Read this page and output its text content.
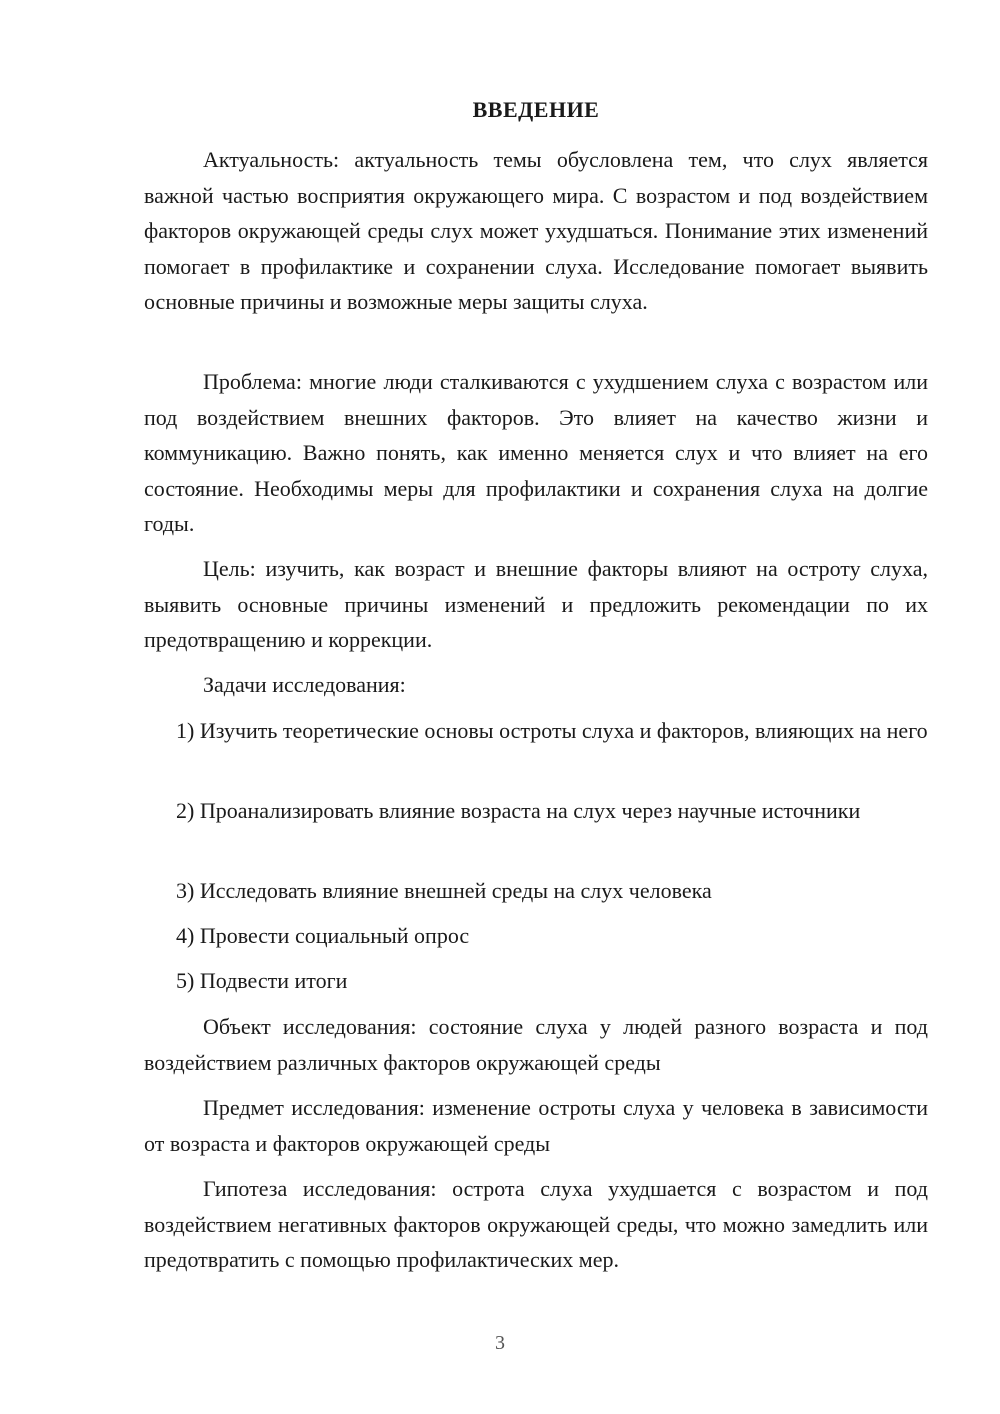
ВВЕДЕНИЕ

Актуальность: актуальность темы обусловлена тем, что слух является важной частью восприятия окружающего мира. С возрастом и под воздействием факторов окружающей среды слух может ухудшаться. Понимание этих изменений помогает в профилактике и сохранении слуха. Исследование помогает выявить основные причины и возможные меры защиты слуха.

Проблема: многие люди сталкиваются с ухудшением слуха с возрастом или под воздействием внешних факторов. Это влияет на качество жизни и коммуникацию. Важно понять, как именно меняется слух и что влияет на его состояние. Необходимы меры для профилактики и сохранения слуха на долгие годы.

Цель: изучить, как возраст и внешние факторы влияют на остроту слуха, выявить основные причины изменений и предложить рекомендации по их предотвращению и коррекции.

Задачи исследования:

1) Изучить теоретические основы остроты слуха и факторов, влияющих на него

2) Проанализировать влияние возраста на слух через научные источники

3) Исследовать влияние внешней среды на слух человека

4) Провести социальный опрос

5) Подвести итоги

Объект исследования: состояние слуха у людей разного возраста и под воздействием различных факторов окружающей среды

Предмет исследования: изменение остроты слуха у человека в зависимости от возраста и факторов окружающей среды

Гипотеза исследования: острота слуха ухудшается с возрастом и под воздействием негативных факторов окружающей среды, что можно замедлить или предотвратить с помощью профилактических мер.

3
